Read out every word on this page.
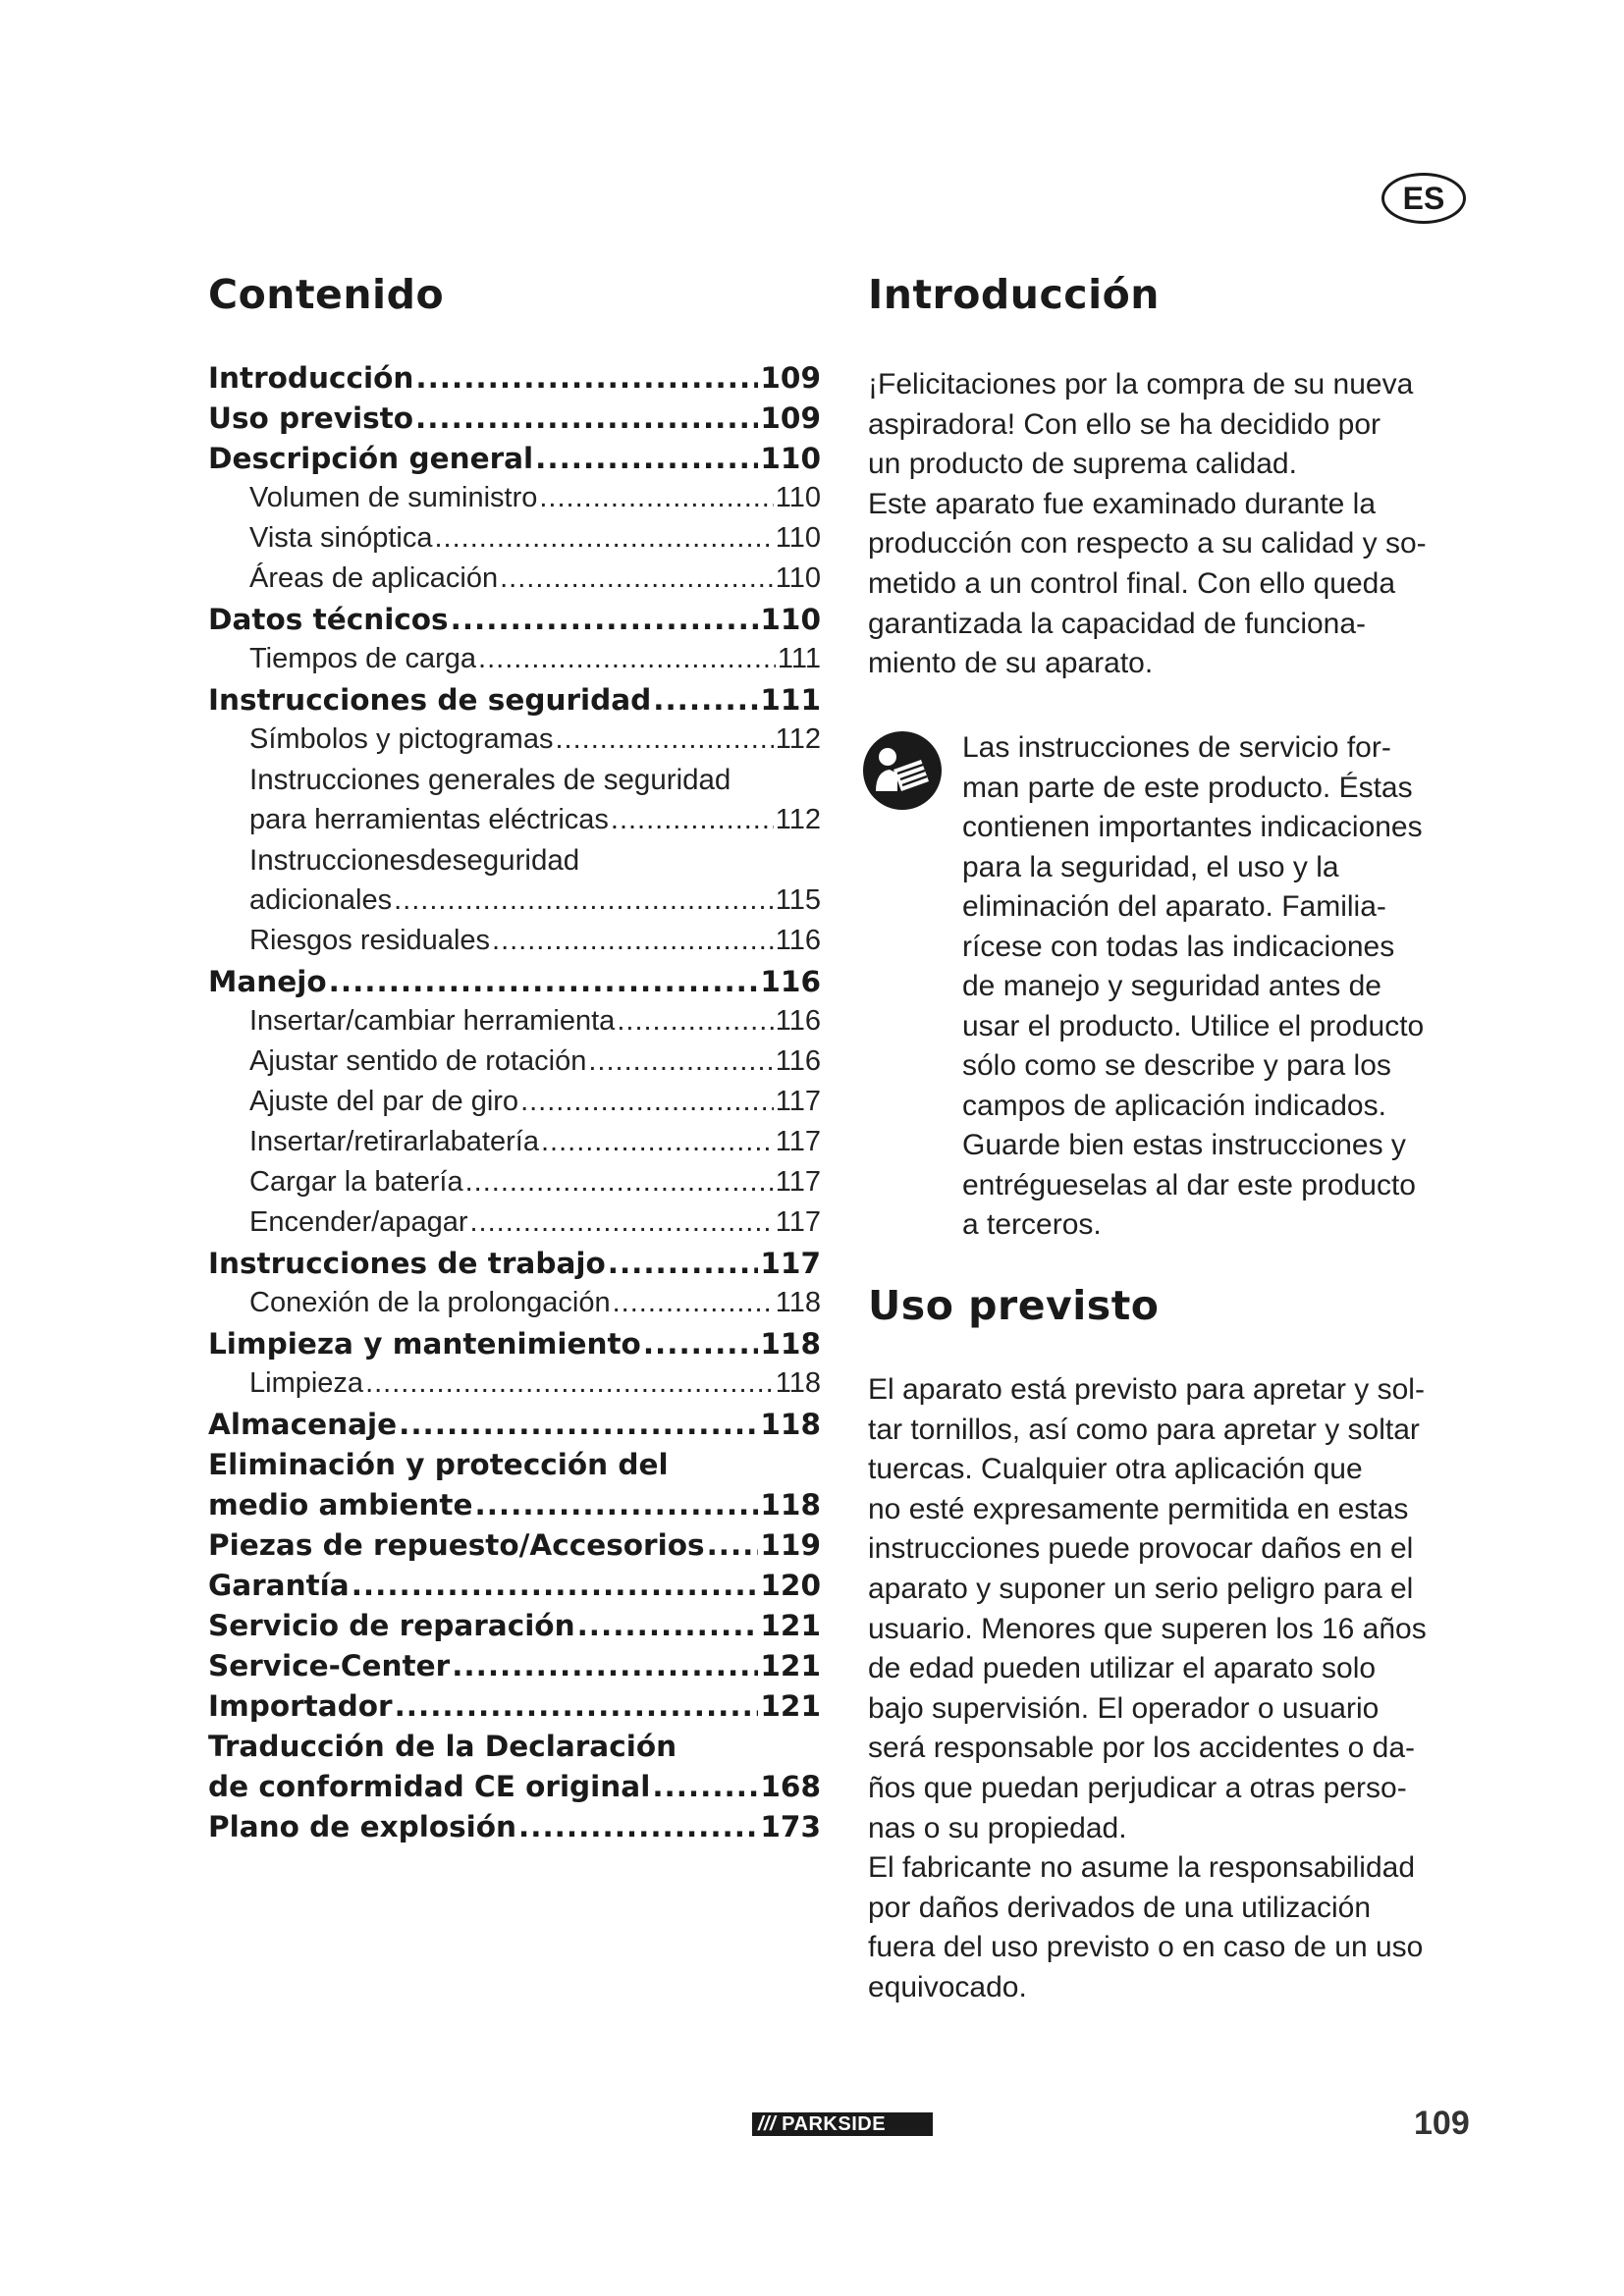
ES
Contenido
Introducción .....	109
Uso previsto .....	109
Descripción general .....	110
Volumen de suministro .....	110
Vista sinóptica .....	110
Áreas de aplicación .....	110
Datos técnicos .....	110
Tiempos de carga .....	111
Instrucciones de seguridad .....	111
Símbolos y pictogramas .....	112
Instrucciones generales de seguridad
para herramientas eléctricas .....	112
Instruccionesdeseguridad
adicionales .....	115
Riesgos residuales .....	116
Manejo .....	116
Insertar/cambiar herramienta .....	116
Ajustar sentido de rotación .....	116
Ajuste del par de giro .....	117
Insertar/retirarlabatería .....	117
Cargar la batería .....	117
Encender/apagar .....	117
Instrucciones de trabajo .....	117
Conexión de la prolongación .....	118
Limpieza y mantenimiento .....	118
Limpieza .....	118
Almacenaje .....	118
Eliminación y protección del
medio ambiente .....	118
Piezas de repuesto/Accesorios ..... 119
Garantía .....	120
Servicio de reparación .....	121
Service-Center .....	121
Importador .....	121
Traducción de la Declaración
de conformidad CE original .....	168
Plano de explosión .....	173
Introducción
¡Felicitaciones por la compra de su nueva
aspiradora! Con ello se ha decidido por
un producto de suprema calidad.
Este aparato fue examinado durante la
producción con respecto a su calidad y so-
metido a un control final. Con ello queda
garantizada la capacidad de funciona-
miento de su aparato.
Las instrucciones de servicio for-
man parte de este producto. Éstas
contienen importantes indicaciones
para la seguridad, el uso y la
eliminación del aparato. Familia-
rícese con todas las indicaciones
de manejo y seguridad antes de
usar el producto. Utilice el producto
sólo como se describe y para los
campos de aplicación indicados.
Guarde bien estas instrucciones y
entrégueselas al dar este producto
a terceros.
Uso previsto
El aparato está previsto para apretar y sol-
tar tornillos, así como para apretar y soltar
tuercas. Cualquier otra aplicación que
no esté expresamente permitida en estas
instrucciones puede provocar daños en el
aparato y suponer un serio peligro para el
usuario. Menores que superen los 16 años
de edad pueden utilizar el aparato solo
bajo supervisión. El operador o usuario
será responsable por los accidentes o da-
ños que puedan perjudicar a otras perso-
nas o su propiedad.
El fabricante no asume la responsabilidad
por daños derivados de una utilización
fuera del uso previsto o en caso de un uso
equivocado.
/// PARKSIDE	109
